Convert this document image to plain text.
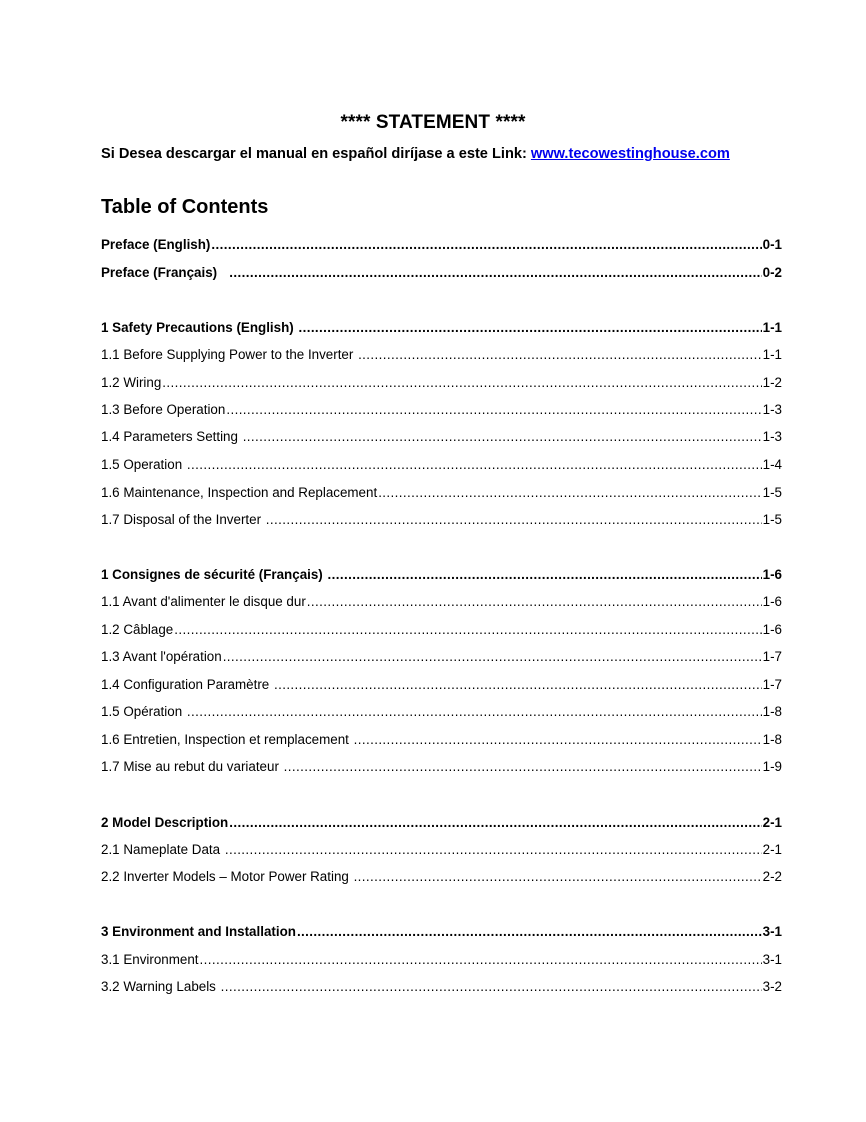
**** STATEMENT ****
Si Desea descargar el manual en español diríjase a este Link: www.tecowestinghouse.com
Table of Contents
Preface (English) .....	0-1
Preface (Français) .....	0-2
1 Safety Precautions (English) .....	1-1
1.1 Before Supplying Power to the Inverter .....	1-1
1.2 Wiring .....	1-2
1.3 Before Operation .....	1-3
1.4 Parameters Setting .....	1-3
1.5 Operation .....	1-4
1.6 Maintenance, Inspection and Replacement .....	1-5
1.7 Disposal of the Inverter .....	1-5
1 Consignes de sécurité (Français) .....	1-6
1.1 Avant d'alimenter le disque dur .....	1-6
1.2 Câblage .....	1-6
1.3 Avant l'opération .....	1-7
1.4 Configuration Paramètre .....	1-7
1.5 Opération .....	1-8
1.6 Entretien, Inspection et remplacement .....	1-8
1.7 Mise au rebut du variateur .....	1-9
2 Model Description .....	2-1
2.1 Nameplate Data .....	2-1
2.2 Inverter Models – Motor Power Rating .....	2-2
3 Environment and Installation .....	3-1
3.1 Environment .....	3-1
3.2 Warning Labels .....	3-2
